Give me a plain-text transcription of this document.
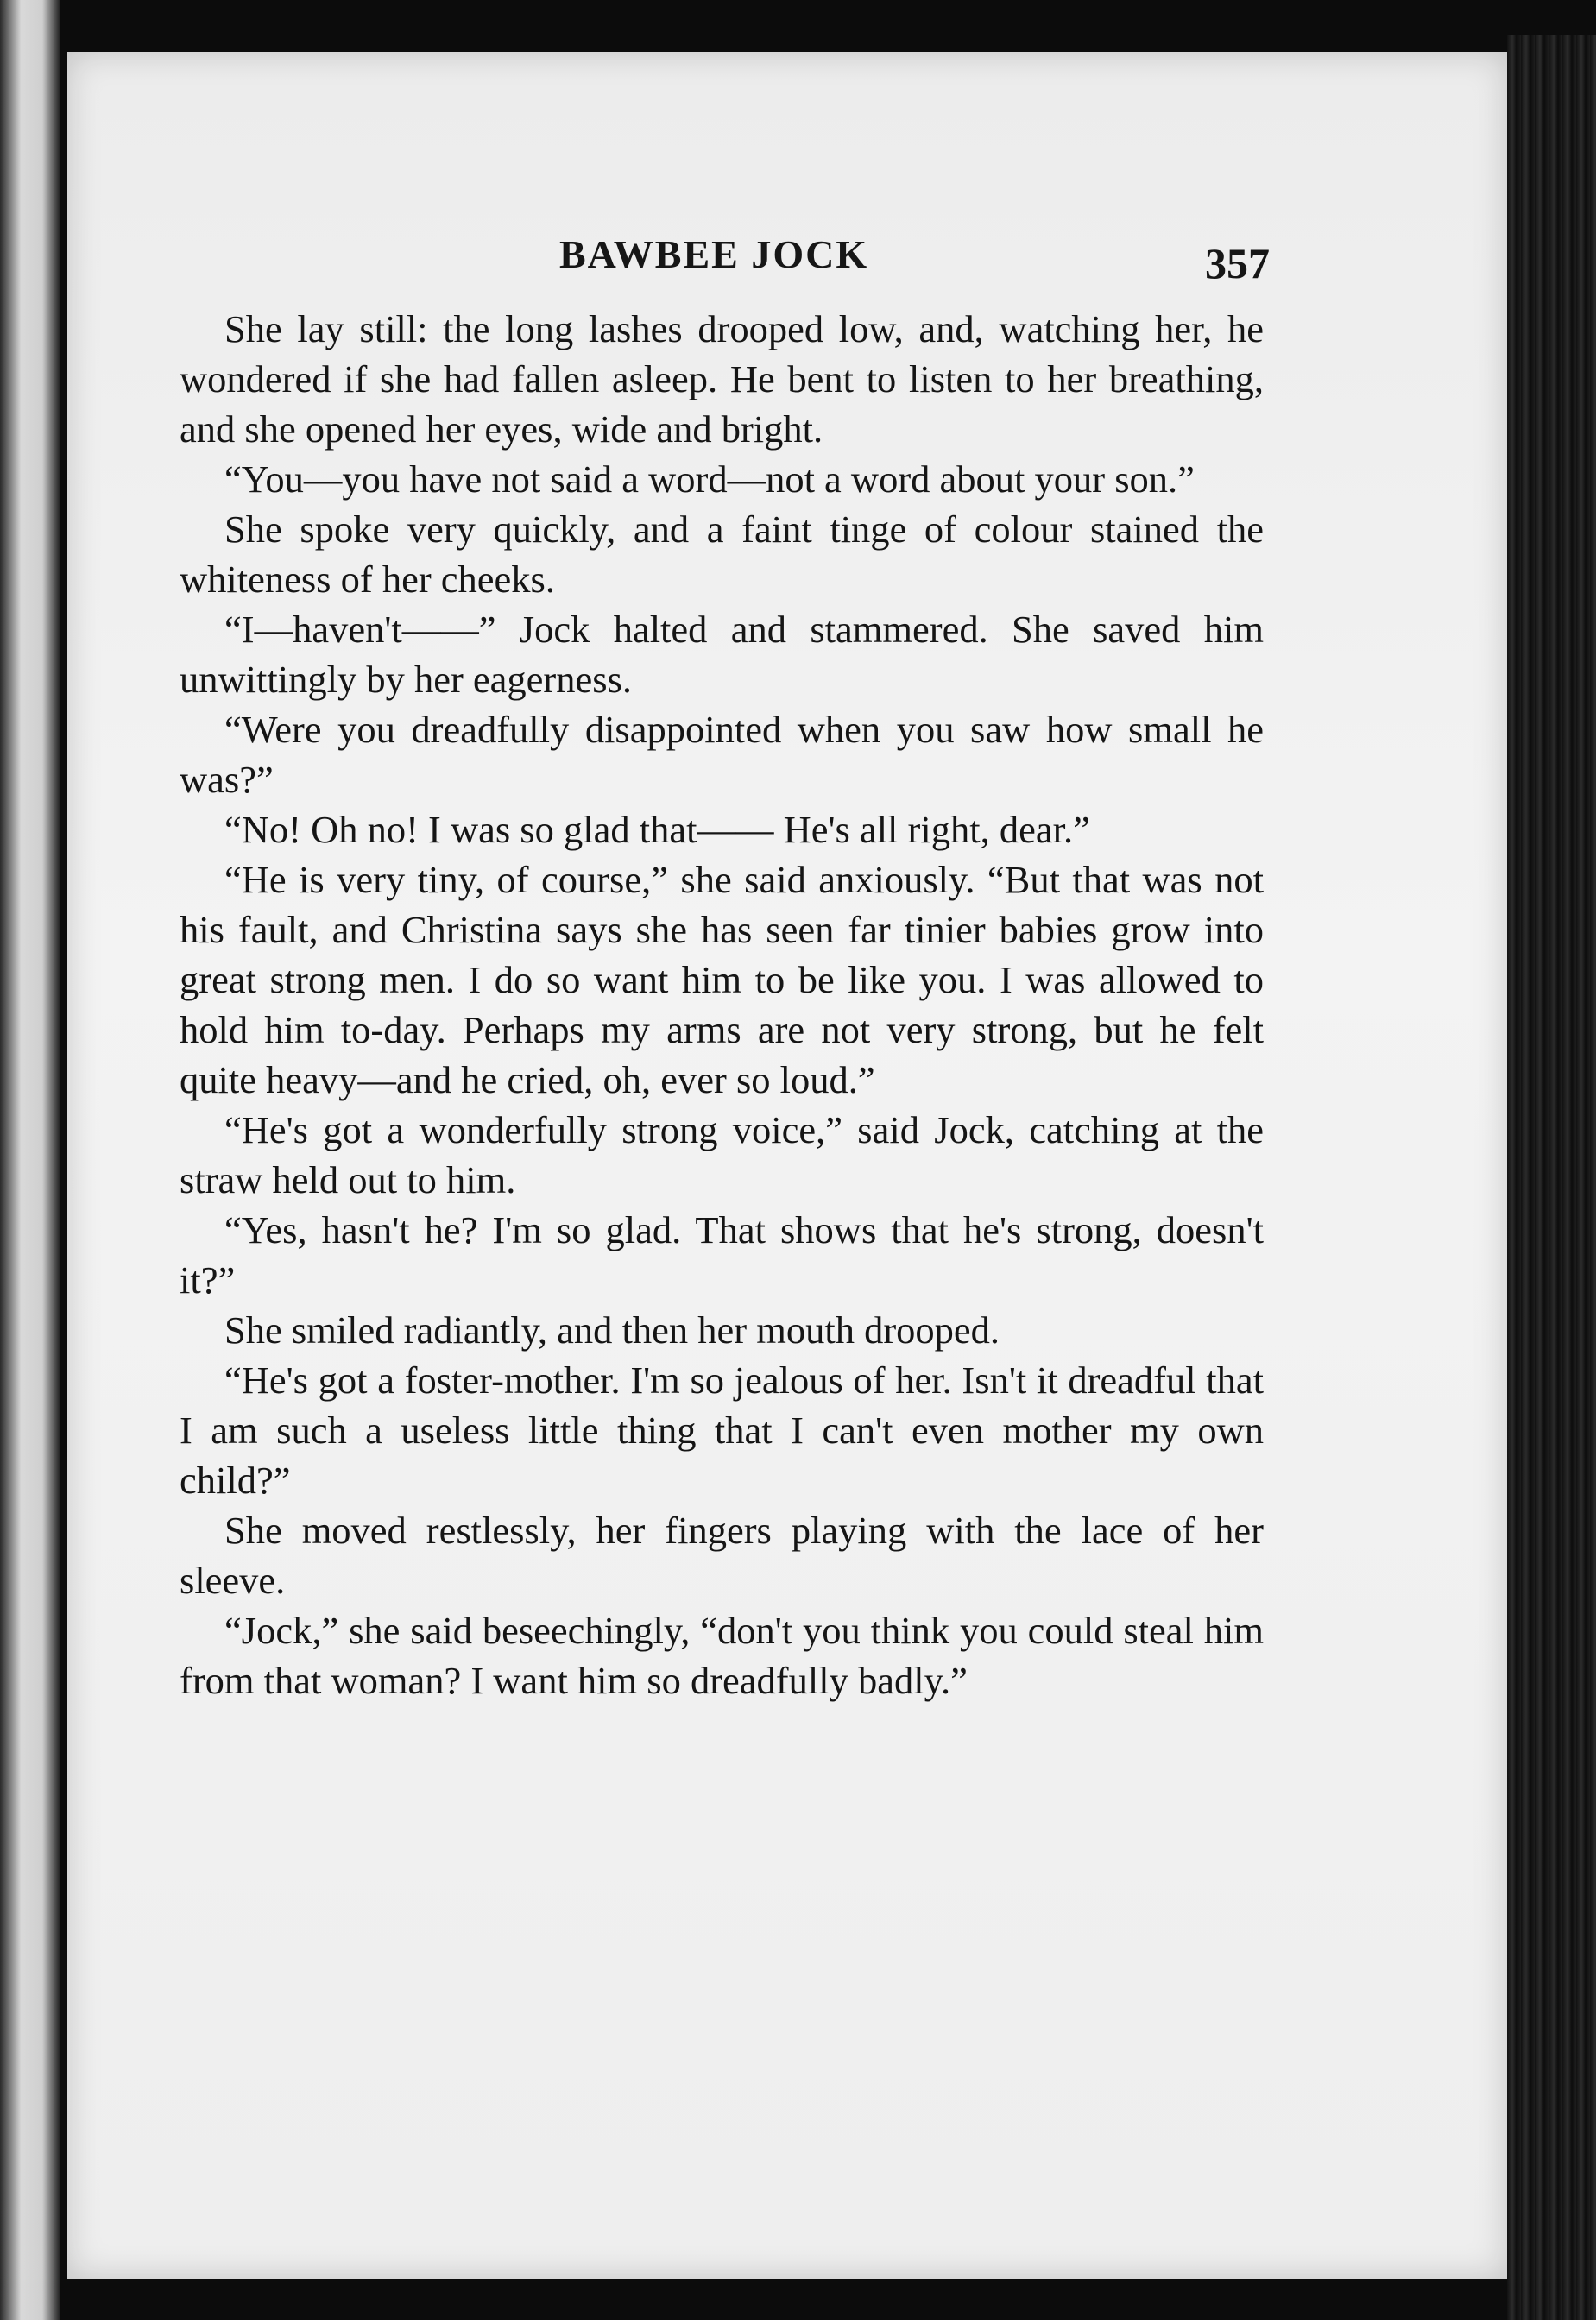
BAWBEE JOCK	357

She lay still: the long lashes drooped low, and, watching her, he wondered if she had fallen asleep. He bent to listen to her breathing, and she opened her eyes, wide and bright.

“You—you have not said a word—not a word about your son.”

She spoke very quickly, and a faint tinge of colour stained the whiteness of her cheeks.

“I—haven't——” Jock halted and stammered. She saved him unwittingly by her eagerness.

“Were you dreadfully disappointed when you saw how small he was?”

“No! Oh no! I was so glad that—— He's all right, dear.”

“He is very tiny, of course,” she said anxiously. “But that was not his fault, and Christina says she has seen far tinier babies grow into great strong men. I do so want him to be like you. I was allowed to hold him to-day. Perhaps my arms are not very strong, but he felt quite heavy—and he cried, oh, ever so loud.”

“He's got a wonderfully strong voice,” said Jock, catching at the straw held out to him.

“Yes, hasn't he? I'm so glad. That shows that he's strong, doesn't it?”

She smiled radiantly, and then her mouth drooped.

“He's got a foster-mother. I'm so jealous of her. Isn't it dreadful that I am such a useless little thing that I can't even mother my own child?”

She moved restlessly, her fingers playing with the lace of her sleeve.

“Jock,” she said beseechingly, “don't you think you could steal him from that woman? I want him so dreadfully badly.”
